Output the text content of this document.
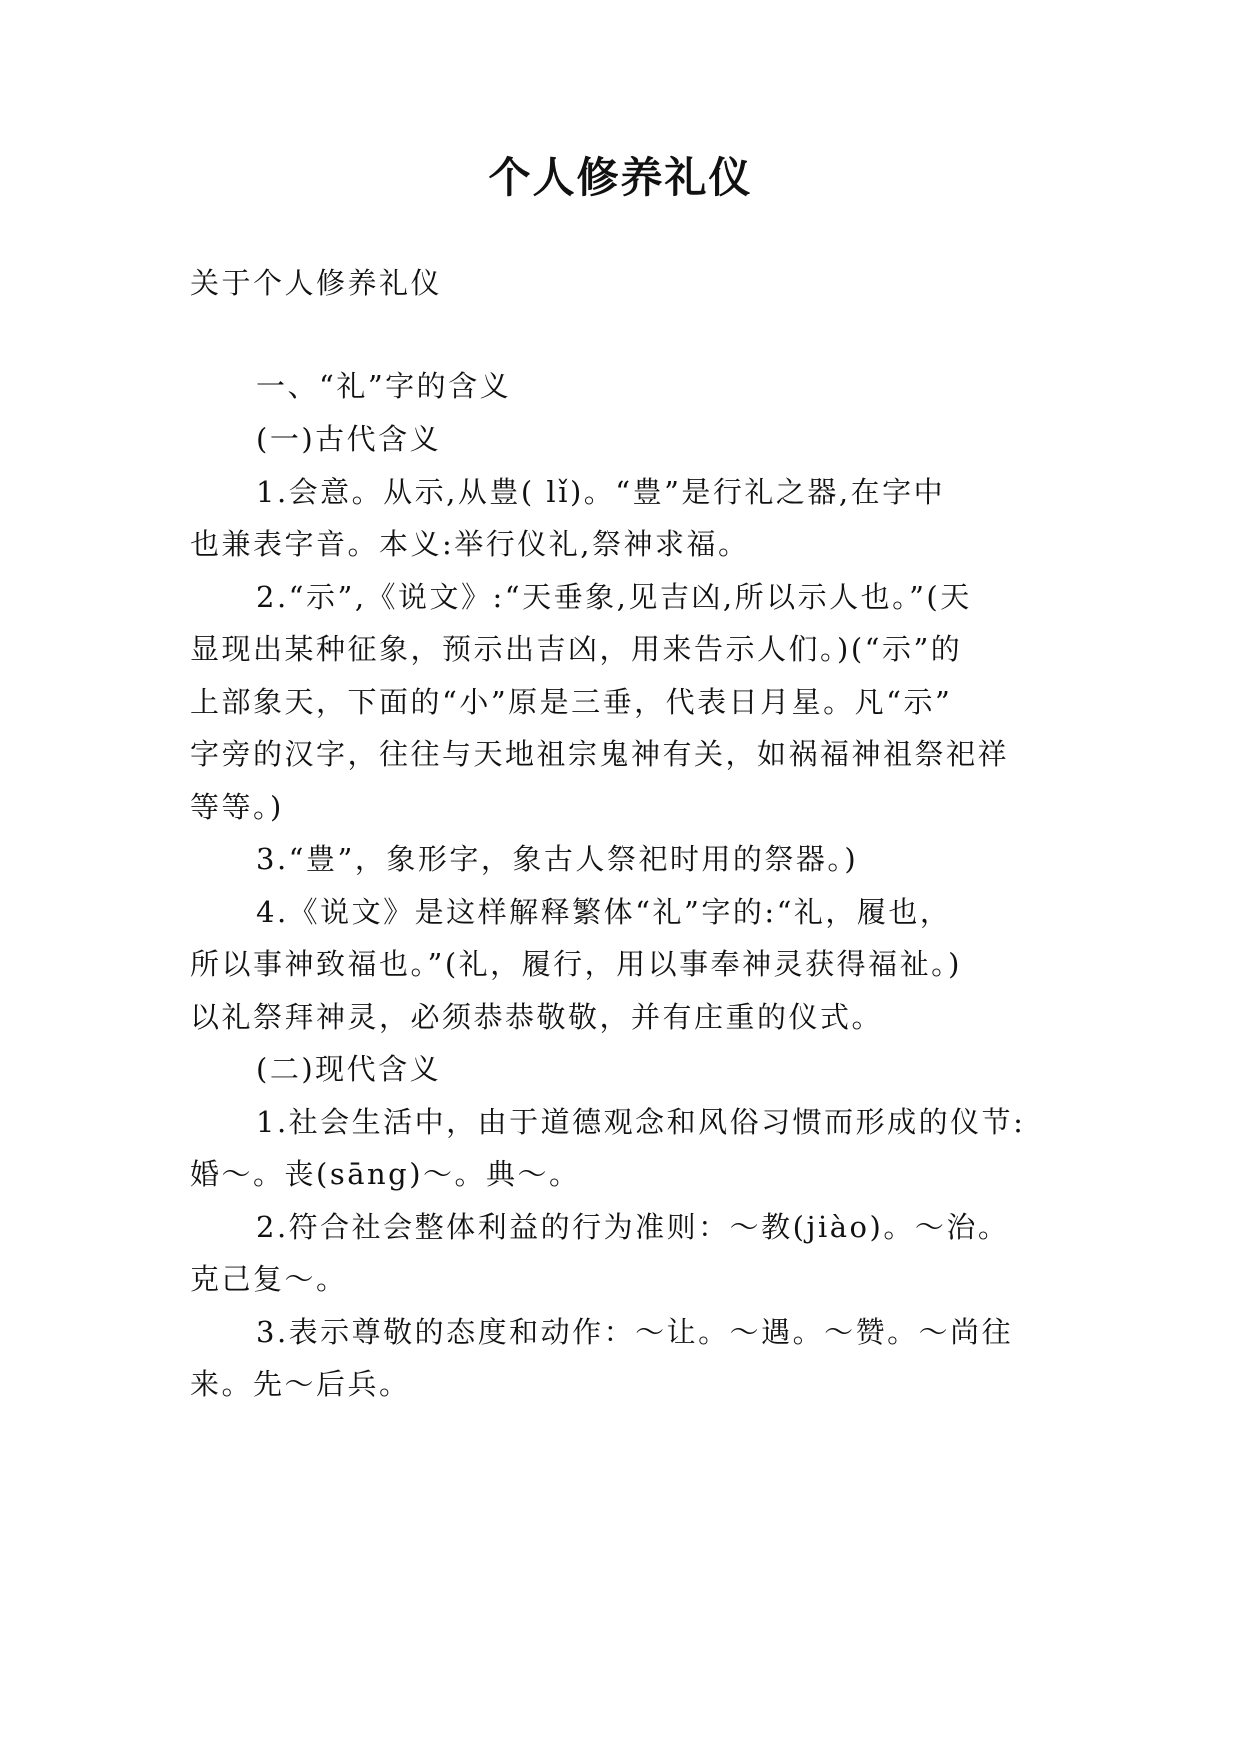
个人修养礼仪

关于个人修养礼仪

一、“礼”字的含义

(一)古代含义

1.会意。从示,从豊( lǐ)。“豊”是行礼之器,在字中

也兼表字音。本义:举行仪礼,祭神求福。

2.“示”,《说文》:“天垂象,见吉凶,所以示人也。”(天

显现出某种征象，预示出吉凶，用来告示人们。)(“示”的

上部象天，下面的“小”原是三垂，代表日月星。凡“示”

字旁的汉字，往往与天地祖宗鬼神有关，如祸福神祖祭祀祥

等等。)

3.“豊”，象形字，象古人祭祀时用的祭器。)

4.《说文》是这样解释繁体“礼”字的:“礼，履也，

所以事神致福也。”(礼，履行，用以事奉神灵获得福祉。)

以礼祭拜神灵，必须恭恭敬敬，并有庄重的仪式。

(二)现代含义

1.社会生活中，由于道德观念和风俗习惯而形成的仪节:

婚～。丧(sāng)～。典～。

2.符合社会整体利益的行为准则：～教(jiào)。～治。

克己复～。

3.表示尊敬的态度和动作：～让。～遇。～赞。～尚往

来。先～后兵。
